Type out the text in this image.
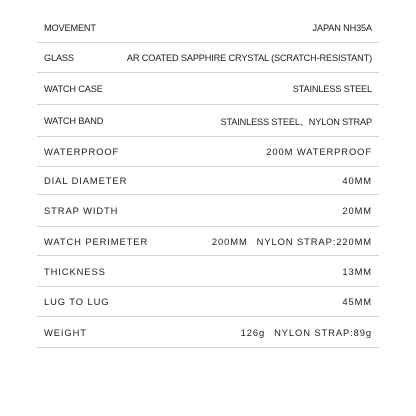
MOVEMENT	JAPAN NH35A
GLASS	AR COATED SAPPHIRE CRYSTAL (SCRATCH-RESISTANT)
WATCH CASE	STAINLESS STEEL
WATCH BAND	STAINLESS STEEL、NYLON STRAP
WATERPROOF	200M WATERPROOF
DIAL DIAMETER	40MM
STRAP WIDTH	20MM
WATCH PERIMETER	200MM NYLON STRAP:220MM
THICKNESS	13MM
LUG TO LUG	45MM
WEIGHT	126g NYLON STRAP:89g
